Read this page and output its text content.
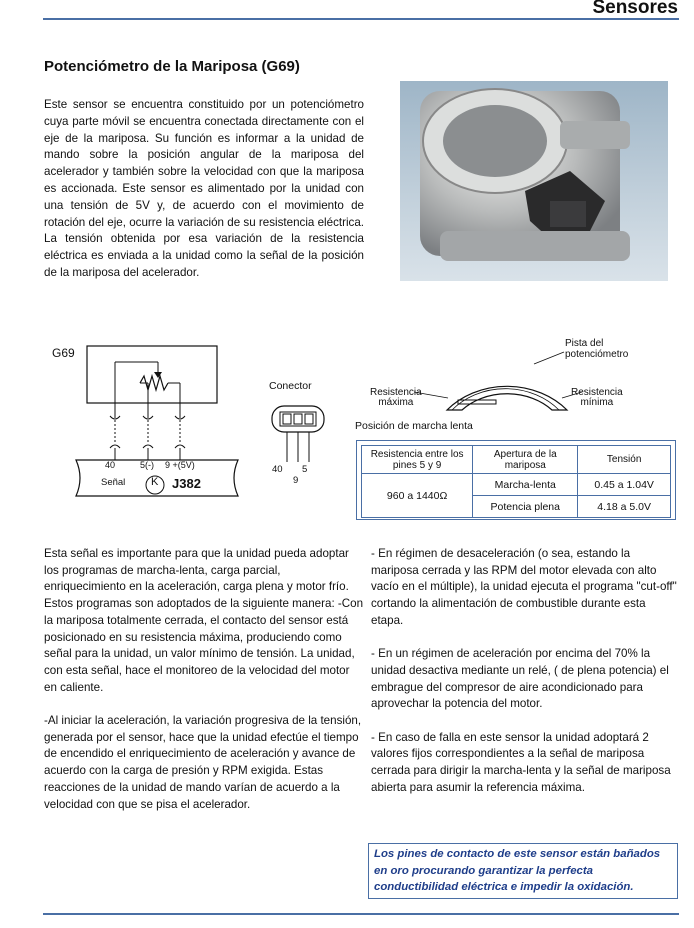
Sensores
Potenciómetro de la Mariposa (G69)

Este sensor se encuentra constituido por un potenciómetro cuya parte móvil se encuentra conectada directamente con el eje de la mariposa. Su función es informar a la unidad de mando sobre la posición angular de la mariposa del acelerador y también sobre la velocidad con que la mariposa es accionada. Este sensor es alimentado por la unidad con una tensión de 5V y, de acuerdo con el movimiento de rotación del eje, ocurre la variación de su resistencia eléctrica. La tensión obtenida por esa variación de la resistencia eléctrica es enviada a la unidad como la señal de la posición de la mariposa del acelerador.

G69
40	5(-) 9 +(5V)
Señal K J382
Conector
40 5
9
Pista del
potenciómetro
Resistencia
máxima
Resistencia
mínima
Posición de marcha lenta
Resistencia entre los pines 5 y 9	Apertura de la mariposa	Tensión
960 a 1440Ω	Marcha-lenta	0.45 a 1.04V
	Potencia plena	4.18 a 5.0V

Esta señal es importante para que la unidad pueda adoptar los programas de marcha-lenta, carga parcial, enriquecimiento en la aceleración, carga plena y motor frío. Estos programas son adoptados de la siguiente manera: -Con la mariposa totalmente cerrada, el contacto del sensor está posicionado en su resistencia máxima, produciendo como señal para la unidad, un valor mínimo de tensión. La unidad, con esta señal, hace el monitoreo de la velocidad del motor en caliente.

-Al iniciar la aceleración, la variación progresiva de la tensión, generada por el sensor, hace que la unidad efectúe el tiempo de encendido el enriquecimiento de aceleración y avance de acuerdo con la carga de presión y RPM exigida. Estas reacciones de la unidad de mando varían de acuerdo a la velocidad con que se pisa el acelerador.

- En régimen de desaceleración (o sea, estando la mariposa cerrada y las RPM del motor elevada con alto vacío en el múltiple), la unidad ejecuta el programa "cut-off" cortando la alimentación de combustible durante esta etapa.

- En un régimen de aceleración por encima del 70% la unidad desactiva mediante un relé, ( de plena potencia) el embrague del compresor de aire acondicionado para aprovechar la potencia del motor.

- En caso de falla en este sensor la unidad adoptará 2 valores fijos correspondientes a la señal de mariposa cerrada para dirigir la marcha-lenta y la señal de mariposa abierta para asumir la referencia máxima.

Los pines de contacto de este sensor están bañados en oro procurando garantizar la perfecta conductibilidad eléctrica e impedir la oxidación.
